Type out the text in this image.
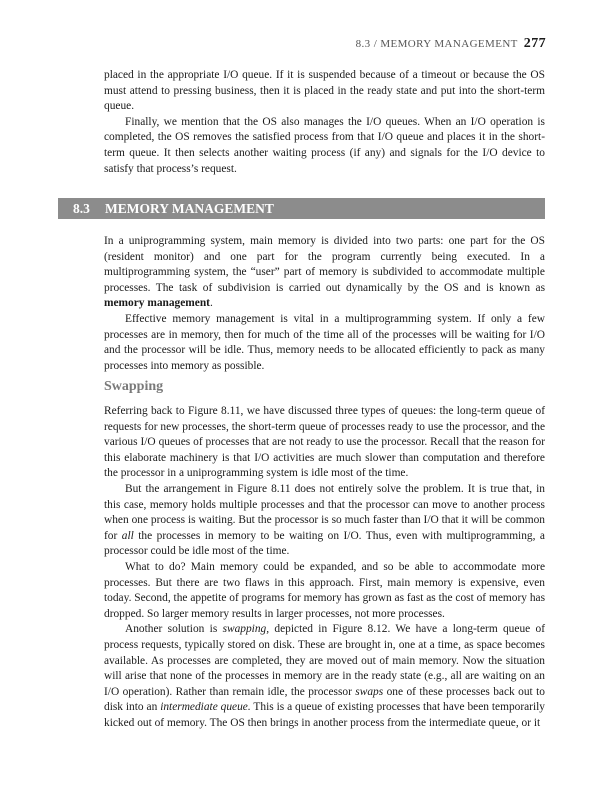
8.3 / MEMORY MANAGEMENT 277

placed in the appropriate I/O queue. If it is suspended because of a timeout or because the OS must attend to pressing business, then it is placed in the ready state and put into the short-term queue.

Finally, we mention that the OS also manages the I/O queues. When an I/O operation is completed, the OS removes the satisfied process from that I/O queue and places it in the short-term queue. It then selects another waiting process (if any) and signals for the I/O device to satisfy that process’s request.

8.3 MEMORY MANAGEMENT

In a uniprogramming system, main memory is divided into two parts: one part for the OS (resident monitor) and one part for the program currently being executed. In a multiprogramming system, the “user” part of memory is subdivided to accommodate multiple processes. The task of subdivision is carried out dynamically by the OS and is known as memory management.

Effective memory management is vital in a multiprogramming system. If only a few processes are in memory, then for much of the time all of the processes will be waiting for I/O and the processor will be idle. Thus, memory needs to be allocated efficiently to pack as many processes into memory as possible.

Swapping

Referring back to Figure 8.11, we have discussed three types of queues: the long-term queue of requests for new processes, the short-term queue of processes ready to use the processor, and the various I/O queues of processes that are not ready to use the processor. Recall that the reason for this elaborate machinery is that I/O activities are much slower than computation and therefore the processor in a uniprogramming system is idle most of the time.

But the arrangement in Figure 8.11 does not entirely solve the problem. It is true that, in this case, memory holds multiple processes and that the processor can move to another process when one process is waiting. But the processor is so much faster than I/O that it will be common for all the processes in memory to be waiting on I/O. Thus, even with multiprogramming, a processor could be idle most of the time.

What to do? Main memory could be expanded, and so be able to accommodate more processes. But there are two flaws in this approach. First, main memory is expensive, even today. Second, the appetite of programs for memory has grown as fast as the cost of memory has dropped. So larger memory results in larger processes, not more processes.

Another solution is swapping, depicted in Figure 8.12. We have a long-term queue of process requests, typically stored on disk. These are brought in, one at a time, as space becomes available. As processes are completed, they are moved out of main memory. Now the situation will arise that none of the processes in memory are in the ready state (e.g., all are waiting on an I/O operation). Rather than remain idle, the processor swaps one of these processes back out to disk into an intermediate queue. This is a queue of existing processes that have been temporarily kicked out of memory. The OS then brings in another process from the intermediate queue, or it
